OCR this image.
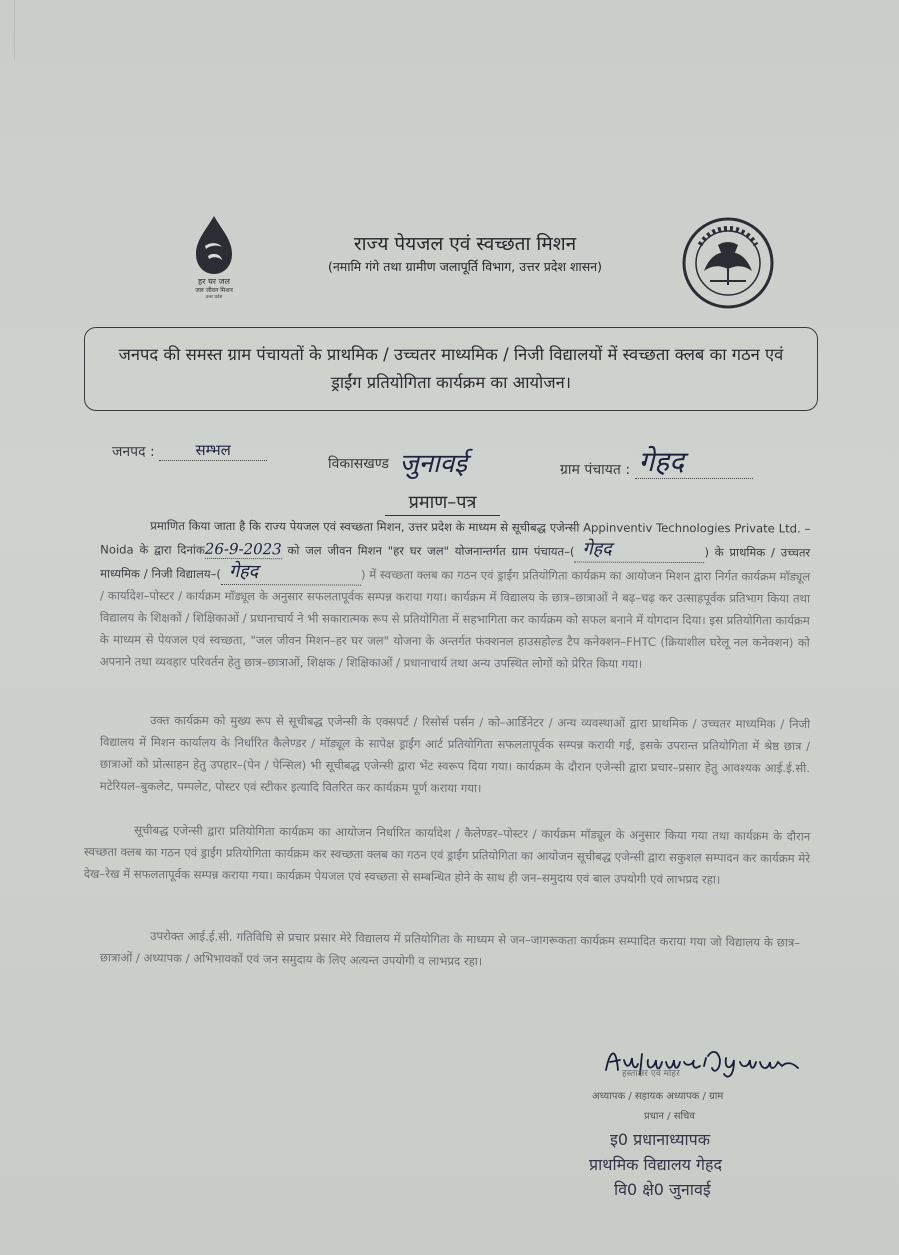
हर घर जल
जल जीवन मिशन
उत्तर प्रदेश
राज्य पेयजल एवं स्वच्छता मिशन
(नमामि गंगे तथा ग्रामीण जलापूर्ति विभाग, उत्तर प्रदेश शासन)
जनपद की समस्त ग्राम पंचायतों के प्राथमिक / उच्चतर माध्यमिक / निजी विद्यालयों में स्वच्छता क्लब का गठन एवं ड्राईंग प्रतियोगिता कार्यक्रम का आयोजन।
जनपद :	सम्भल
विकासखण्ड जुनावई	ग्राम पंचायत : गेहद
प्रमाण–पत्र
प्रमाणित किया जाता है कि राज्य पेयजल एवं स्वच्छता मिशन, उत्तर प्रदेश के माध्यम से सूचीबद्ध एजेन्सी Appinventiv Technologies Private Ltd. – Noida के द्वारा दिनांक26-9-2023 को जल जीवन मिशन "हर घर जल" योजनान्तर्गत ग्राम पंचायत–( गेहद	) के प्राथमिक / उच्चतर माध्यमिक / निजी विद्यालय–( गेहद	) में स्वच्छता क्लब का गठन एवं ड्राईंग प्रतियोगिता कार्यक्रम का आयोजन मिशन द्वारा निर्गत कार्यक्रम मॉड्यूल / कार्यादेश–पोस्टर / कार्यक्रम मॉड्यूल के अनुसार सफलतापूर्वक सम्पन्न कराया गया। कार्यक्रम में विद्यालय के छात्र–छात्राओं ने बढ़–चढ़ कर उत्साहपूर्वक प्रतिभाग किया तथा विद्यालय के शिक्षकों / शिक्षिकाओं / प्रधानाचार्य ने भी सकारात्मक रूप से प्रतियोगिता में सहभागिता कर कार्यक्रम को सफल बनाने में योगदान दिया। इस प्रतियोगिता कार्यक्रम के माध्यम से पेयजल एवं स्वच्छता, "जल जीवन मिशन–हर घर जल" योजना के अन्तर्गत फंक्शनल हाउसहोल्ड टैप कनेक्शन–FHTC (क्रियाशील घरेलू नल कनेक्शन) को अपनाने तथा व्यवहार परिवर्तन हेतु छात्र–छात्राओं, शिक्षक / शिक्षिकाओं / प्रधानाचार्य तथा अन्य उपस्थित लोगों को प्रेरित किया गया।
उक्त कार्यक्रम को मुख्य रूप से सूचीबद्ध एजेन्सी के एक्सपर्ट / रिसोर्स पर्सन / को–आर्डिनेटर / अन्य व्यवस्थाओं द्वारा प्राथमिक / उच्चतर माध्यमिक / निजी विद्यालय में मिशन कार्यालय के निर्धारित कैलेण्डर / मॉड्यूल के सापेक्ष ड्राईंग आर्ट प्रतियोगिता सफलतापूर्वक सम्पन्न करायी गई, इसके उपरान्त प्रतियोगिता में श्रेष्ठ छात्र / छात्राओं को प्रोत्साहन हेतु उपहार–(पेन / पेन्सिल) भी सूचीबद्ध एजेन्सी द्वारा भेंट स्वरूप दिया गया। कार्यक्रम के दौरान एजेन्सी द्वारा प्रचार–प्रसार हेतु आवश्यक आई.ई.सी. मटेरियल–बुकलेट, पम्पलेट, पोस्टर एवं स्टीकर इत्यादि वितरित कर कार्यक्रम पूर्ण कराया गया।
सूचीबद्ध एजेन्सी द्वारा प्रतियोगिता कार्यक्रम का आयोजन निर्धारित कार्यादेश / कैलेण्डर–पोस्टर / कार्यक्रम मॉड्यूल के अनुसार किया गया तथा कार्यक्रम के दौरान स्वच्छता क्लब का गठन एवं ड्राईंग प्रतियोगिता कार्यक्रम कर स्वच्छता क्लब का गठन एवं ड्राईंग प्रतियोगिता का आयोजन सूचीबद्ध एजेन्सी द्वारा सकुशल सम्पादन कर कार्यक्रम मेरे देख–रेख में सफलतापूर्वक सम्पन्न कराया गया। कार्यक्रम पेयजल एवं स्वच्छता से सम्बन्धित होने के साथ ही जन–समुदाय एवं बाल उपयोगी एवं लाभप्रद रहा।
उपरोक्त आई.ई.सी. गतिविधि से प्रचार प्रसार मेरे विद्यालय में प्रतियोगिता के माध्यम से जन–जागरूकता कार्यक्रम सम्पादित कराया गया जो विद्यालय के छात्र–छात्राओं / अध्यापक / अभिभावकों एवं जन समुदाय के लिए अत्यन्त उपयोगी व लाभप्रद रहा।
हस्ताक्षर एवं मोहर
अध्यापक / सहायक अध्यापक / ग्राम
प्रधान / सचिव
इ0 प्रधानाध्यापक
प्राथमिक विद्यालय गेहद
वि0 क्षे0 जुनावई
